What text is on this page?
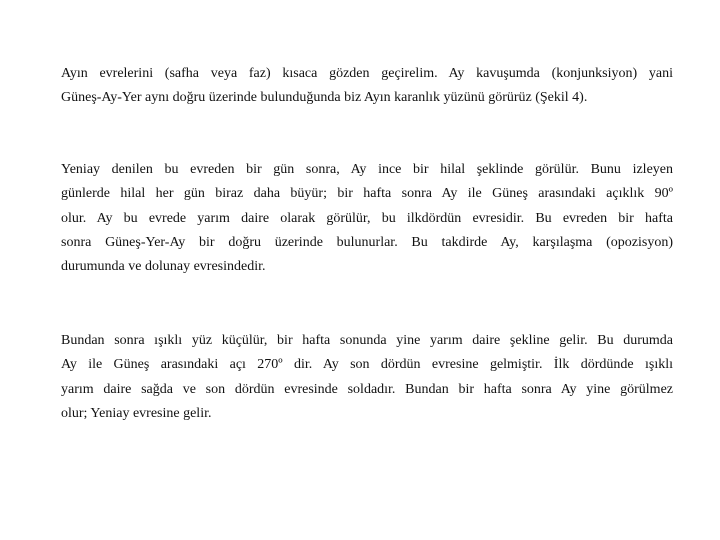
Ayın evrelerini (safha veya faz) kısaca gözden geçirelim. Ay kavuşumda (konjunksiyon) yani
Güneş-Ay-Yer aynı doğru üzerinde bulunduğunda biz Ayın karanlık yüzünü görürüz (Şekil 4).

Yeniay denilen bu evreden bir gün sonra, Ay ince bir hilal şeklinde görülür. Bunu izleyen
günlerde hilal her gün biraz daha büyür; bir hafta sonra Ay ile Güneş arasındaki açıklık 90º
olur. Ay bu evrede yarım daire olarak görülür, bu ilkdördün evresidir. Bu evreden bir hafta
sonra Güneş-Yer-Ay bir doğru üzerinde bulunurlar. Bu takdirde Ay, karşılaşma (opozisyon)
durumunda ve dolunay evresindedir.

Bundan sonra ışıklı yüz küçülür, bir hafta sonunda yine yarım daire şekline gelir. Bu durumda
Ay ile Güneş arasındaki açı 270º dir. Ay son dördün evresine gelmiştir. İlk dördünde ışıklı
yarım daire sağda ve son dördün evresinde soldadır. Bundan bir hafta sonra Ay yine görülmez
olur; Yeniay evresine gelir.
